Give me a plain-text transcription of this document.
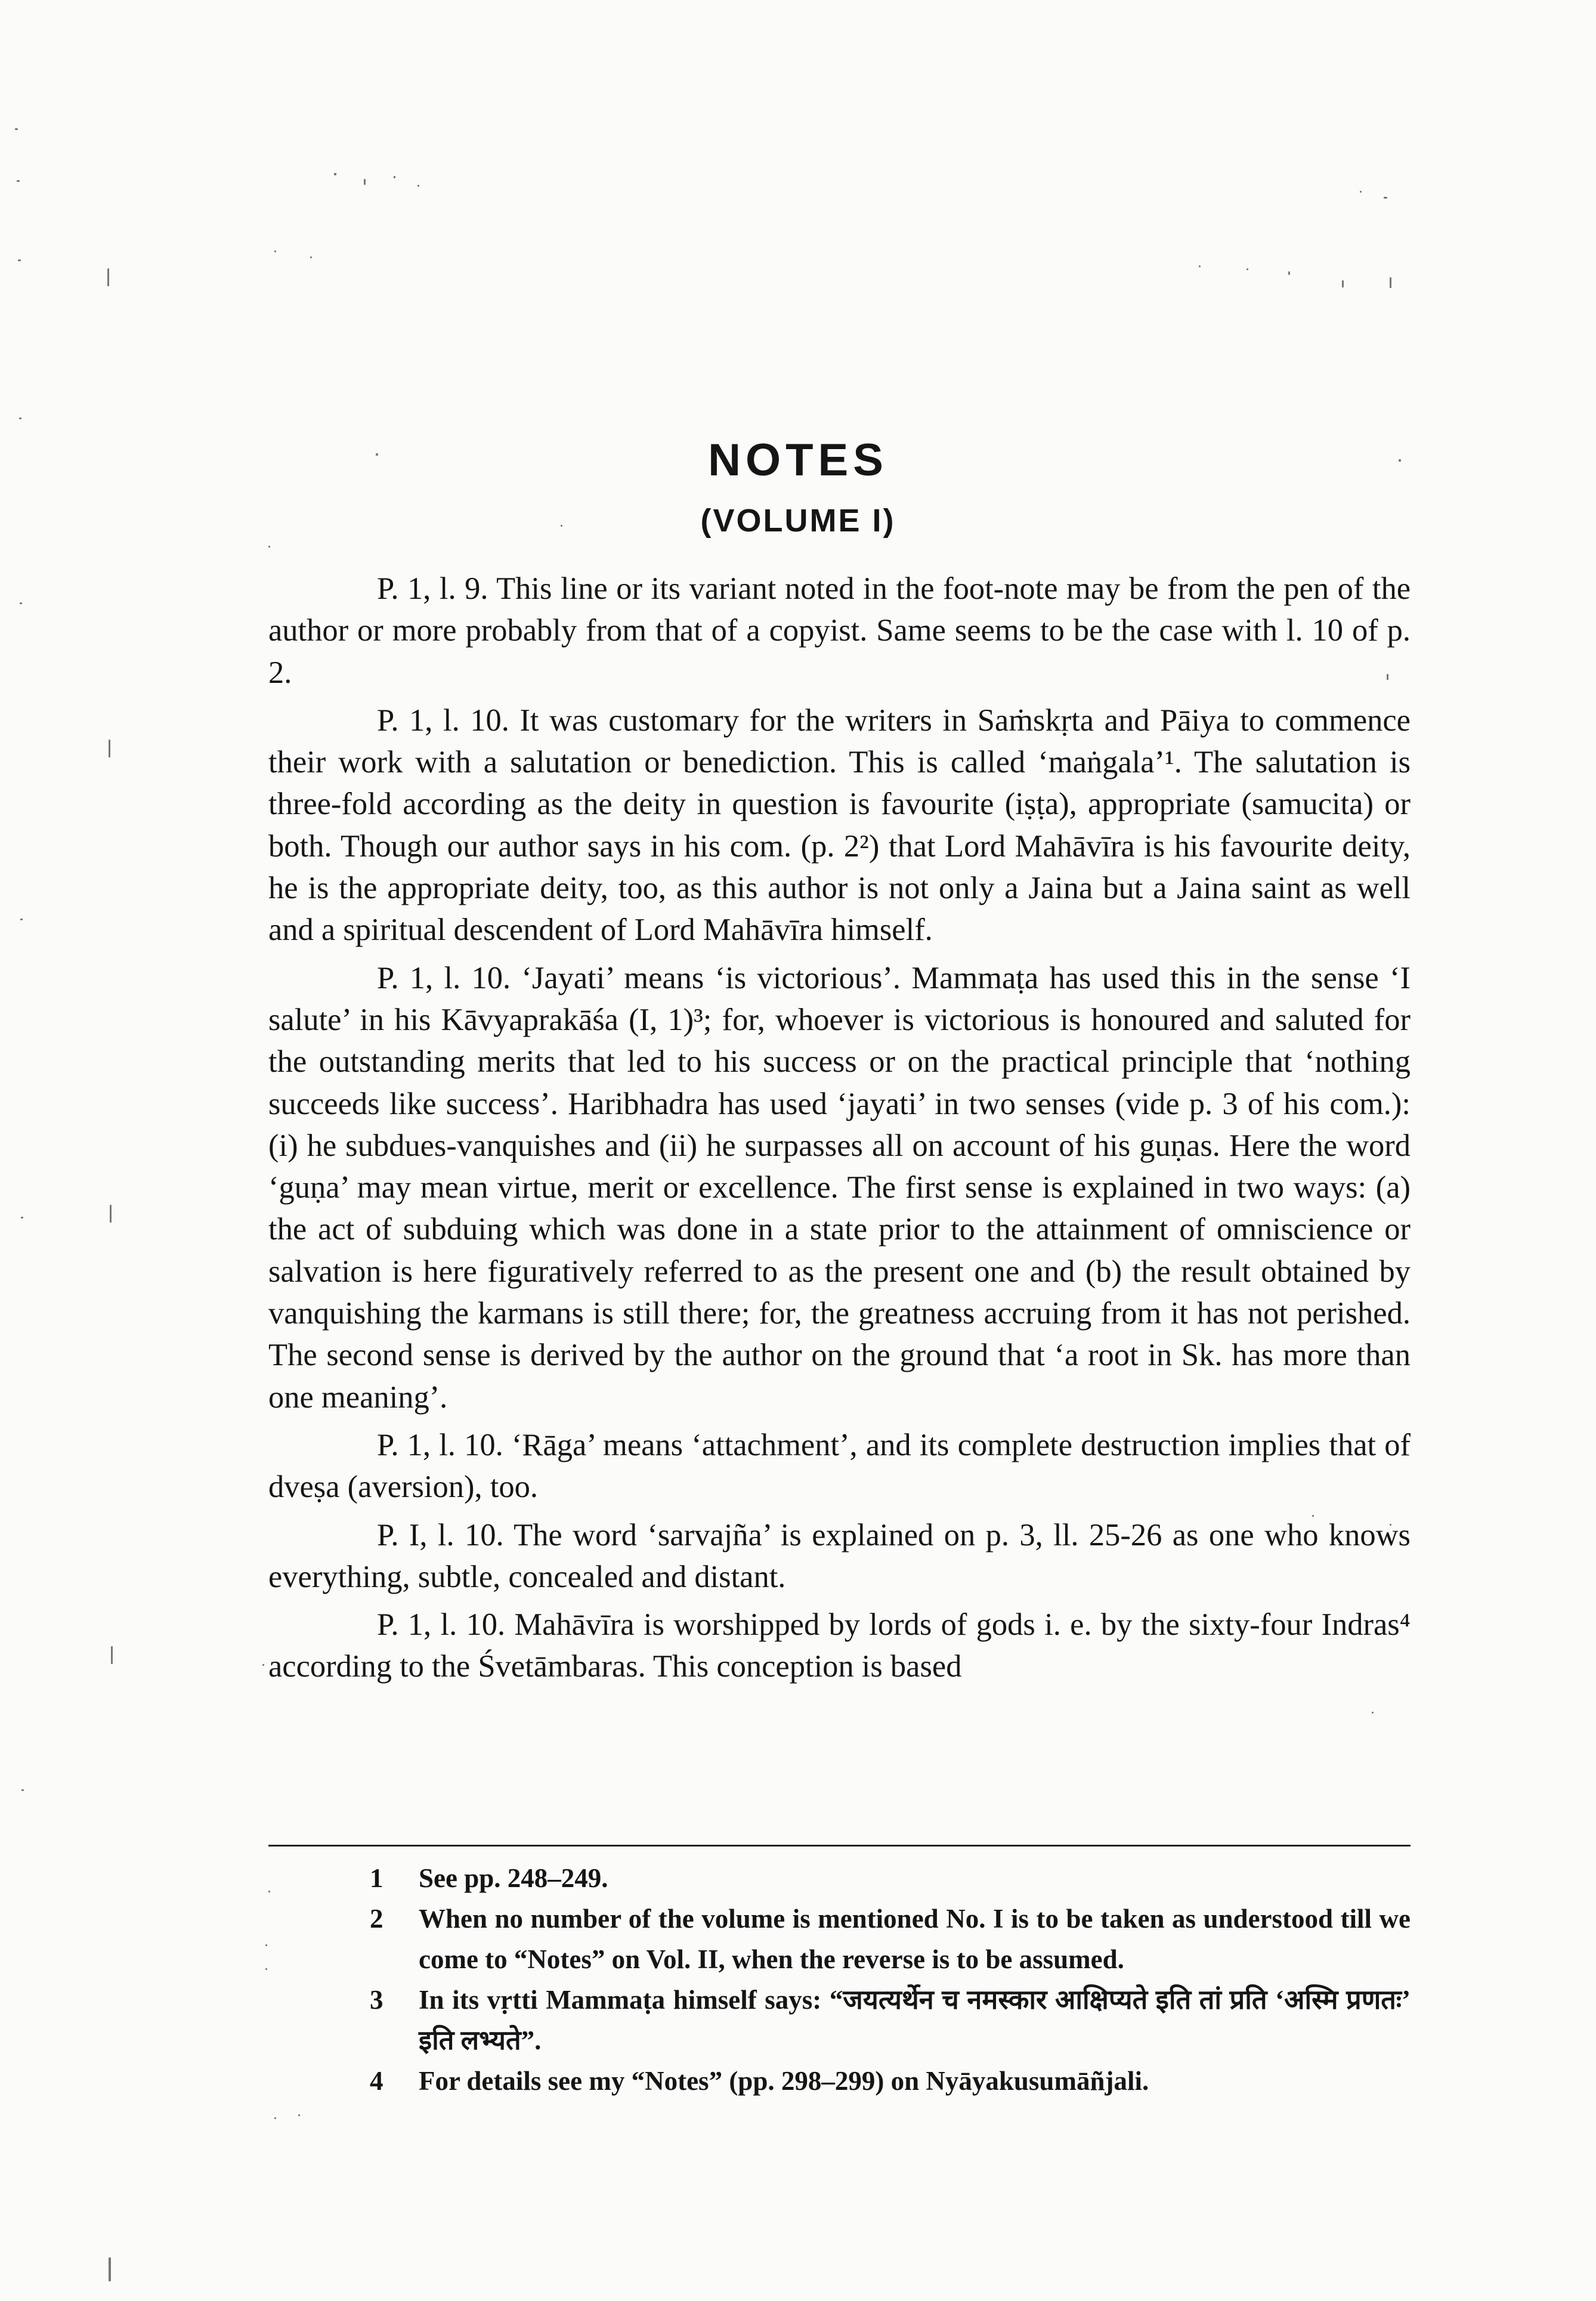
NOTES
(VOLUME I)

P. 1, l. 9. This line or its variant noted in the foot-note may be from the pen of the author or more probably from that of a copyist. Same seems to be the case with l. 10 of p. 2.

P. 1, l. 10. It was customary for the writers in Saṁskṛta and Pāiya to commence their work with a salutation or benediction. This is called ‘maṅgala’¹. The salutation is three-fold according as the deity in question is favourite (iṣṭa), appropriate (samucita) or both. Though our author says in his com. (p. 2²) that Lord Mahāvīra is his favourite deity, he is the appropriate deity, too, as this author is not only a Jaina but a Jaina saint as well and a spiritual descendent of Lord Mahāvīra himself.

P. 1, l. 10. ‘Jayati’ means ‘is victorious’. Mammaṭa has used this in the sense ‘I salute’ in his Kāvyaprakāśa (I, 1)³; for, whoever is victorious is honoured and saluted for the outstanding merits that led to his success or on the practical principle that ‘nothing succeeds like success’. Haribhadra has used ‘jayati’ in two senses (vide p. 3 of his com.): (i) he subdues-vanquishes and (ii) he surpasses all on account of his guṇas. Here the word ‘guṇa’ may mean virtue, merit or excellence. The first sense is explained in two ways: (a) the act of subduing which was done in a state prior to the attainment of omniscience or salvation is here figuratively referred to as the present one and (b) the result obtained by vanquishing the karmans is still there; for, the greatness accruing from it has not perished. The second sense is derived by the author on the ground that ‘a root in Sk. has more than one meaning’.

P. 1, l. 10. ‘Rāga’ means ‘attachment’, and its complete destruction implies that of dveṣa (aversion), too.

P. I, l. 10. The word ‘sarvajña’ is explained on p. 3, ll. 25-26 as one who knows everything, subtle, concealed and distant.

P. 1, l. 10. Mahāvīra is worshipped by lords of gods i. e. by the sixty-four Indras⁴ according to the Śvetāmbaras. This conception is based

1 See pp. 248–249.
2 When no number of the volume is mentioned No. I is to be taken as understood till we come to “Notes” on Vol. II, when the reverse is to be assumed.
3 In its vṛtti Mammaṭa himself says: “जयत्यर्थेन च नमस्कार आक्षिप्यते इति तां प्रति ‘अस्मि प्रणतः’ इति लभ्यते”.
4 For details see my “Notes” (pp. 298–299) on Nyāyakusumāñjali.
